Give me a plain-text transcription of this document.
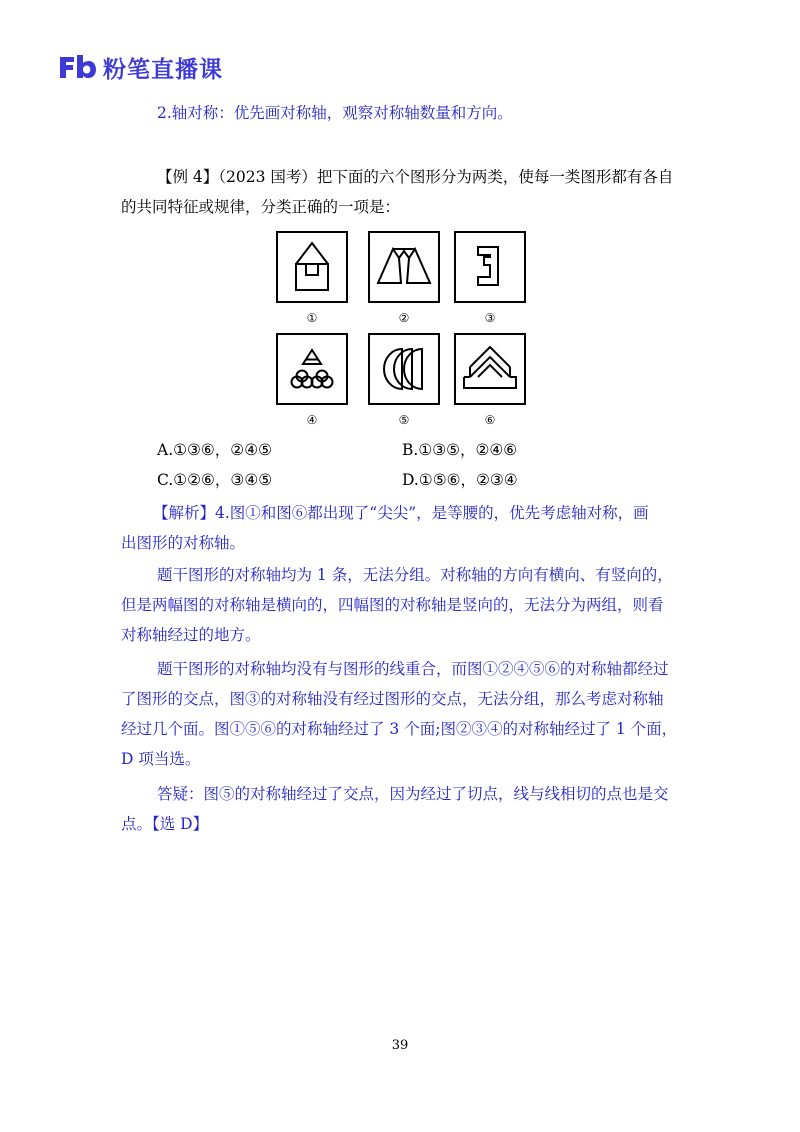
粉笔直播课
2.轴对称：优先画对称轴，观察对称轴数量和方向。
【例 4】（2023 国考）把下面的六个图形分为两类，使每一类图形都有各自
的共同特征或规律，分类正确的一项是：
①	②	③
④	⑤	⑥
A.①③⑥，②④⑤	B.①③⑤，②④⑥
C.①②⑥，③④⑤	D.①⑤⑥，②③④
【解析】4.图①和图⑥都出现了“尖尖”，是等腰的，优先考虑轴对称，画
出图形的对称轴。
题干图形的对称轴均为 1 条，无法分组。对称轴的方向有横向、有竖向的，
但是两幅图的对称轴是横向的，四幅图的对称轴是竖向的，无法分为两组，则看
对称轴经过的地方。
题干图形的对称轴均没有与图形的线重合，而图①②④⑤⑥的对称轴都经过
了图形的交点，图③的对称轴没有经过图形的交点，无法分组，那么考虑对称轴
经过几个面。图①⑤⑥的对称轴经过了 3 个面;图②③④的对称轴经过了 1 个面，
D 项当选。
答疑：图⑤的对称轴经过了交点，因为经过了切点，线与线相切的点也是交
点。【选 D】
39
